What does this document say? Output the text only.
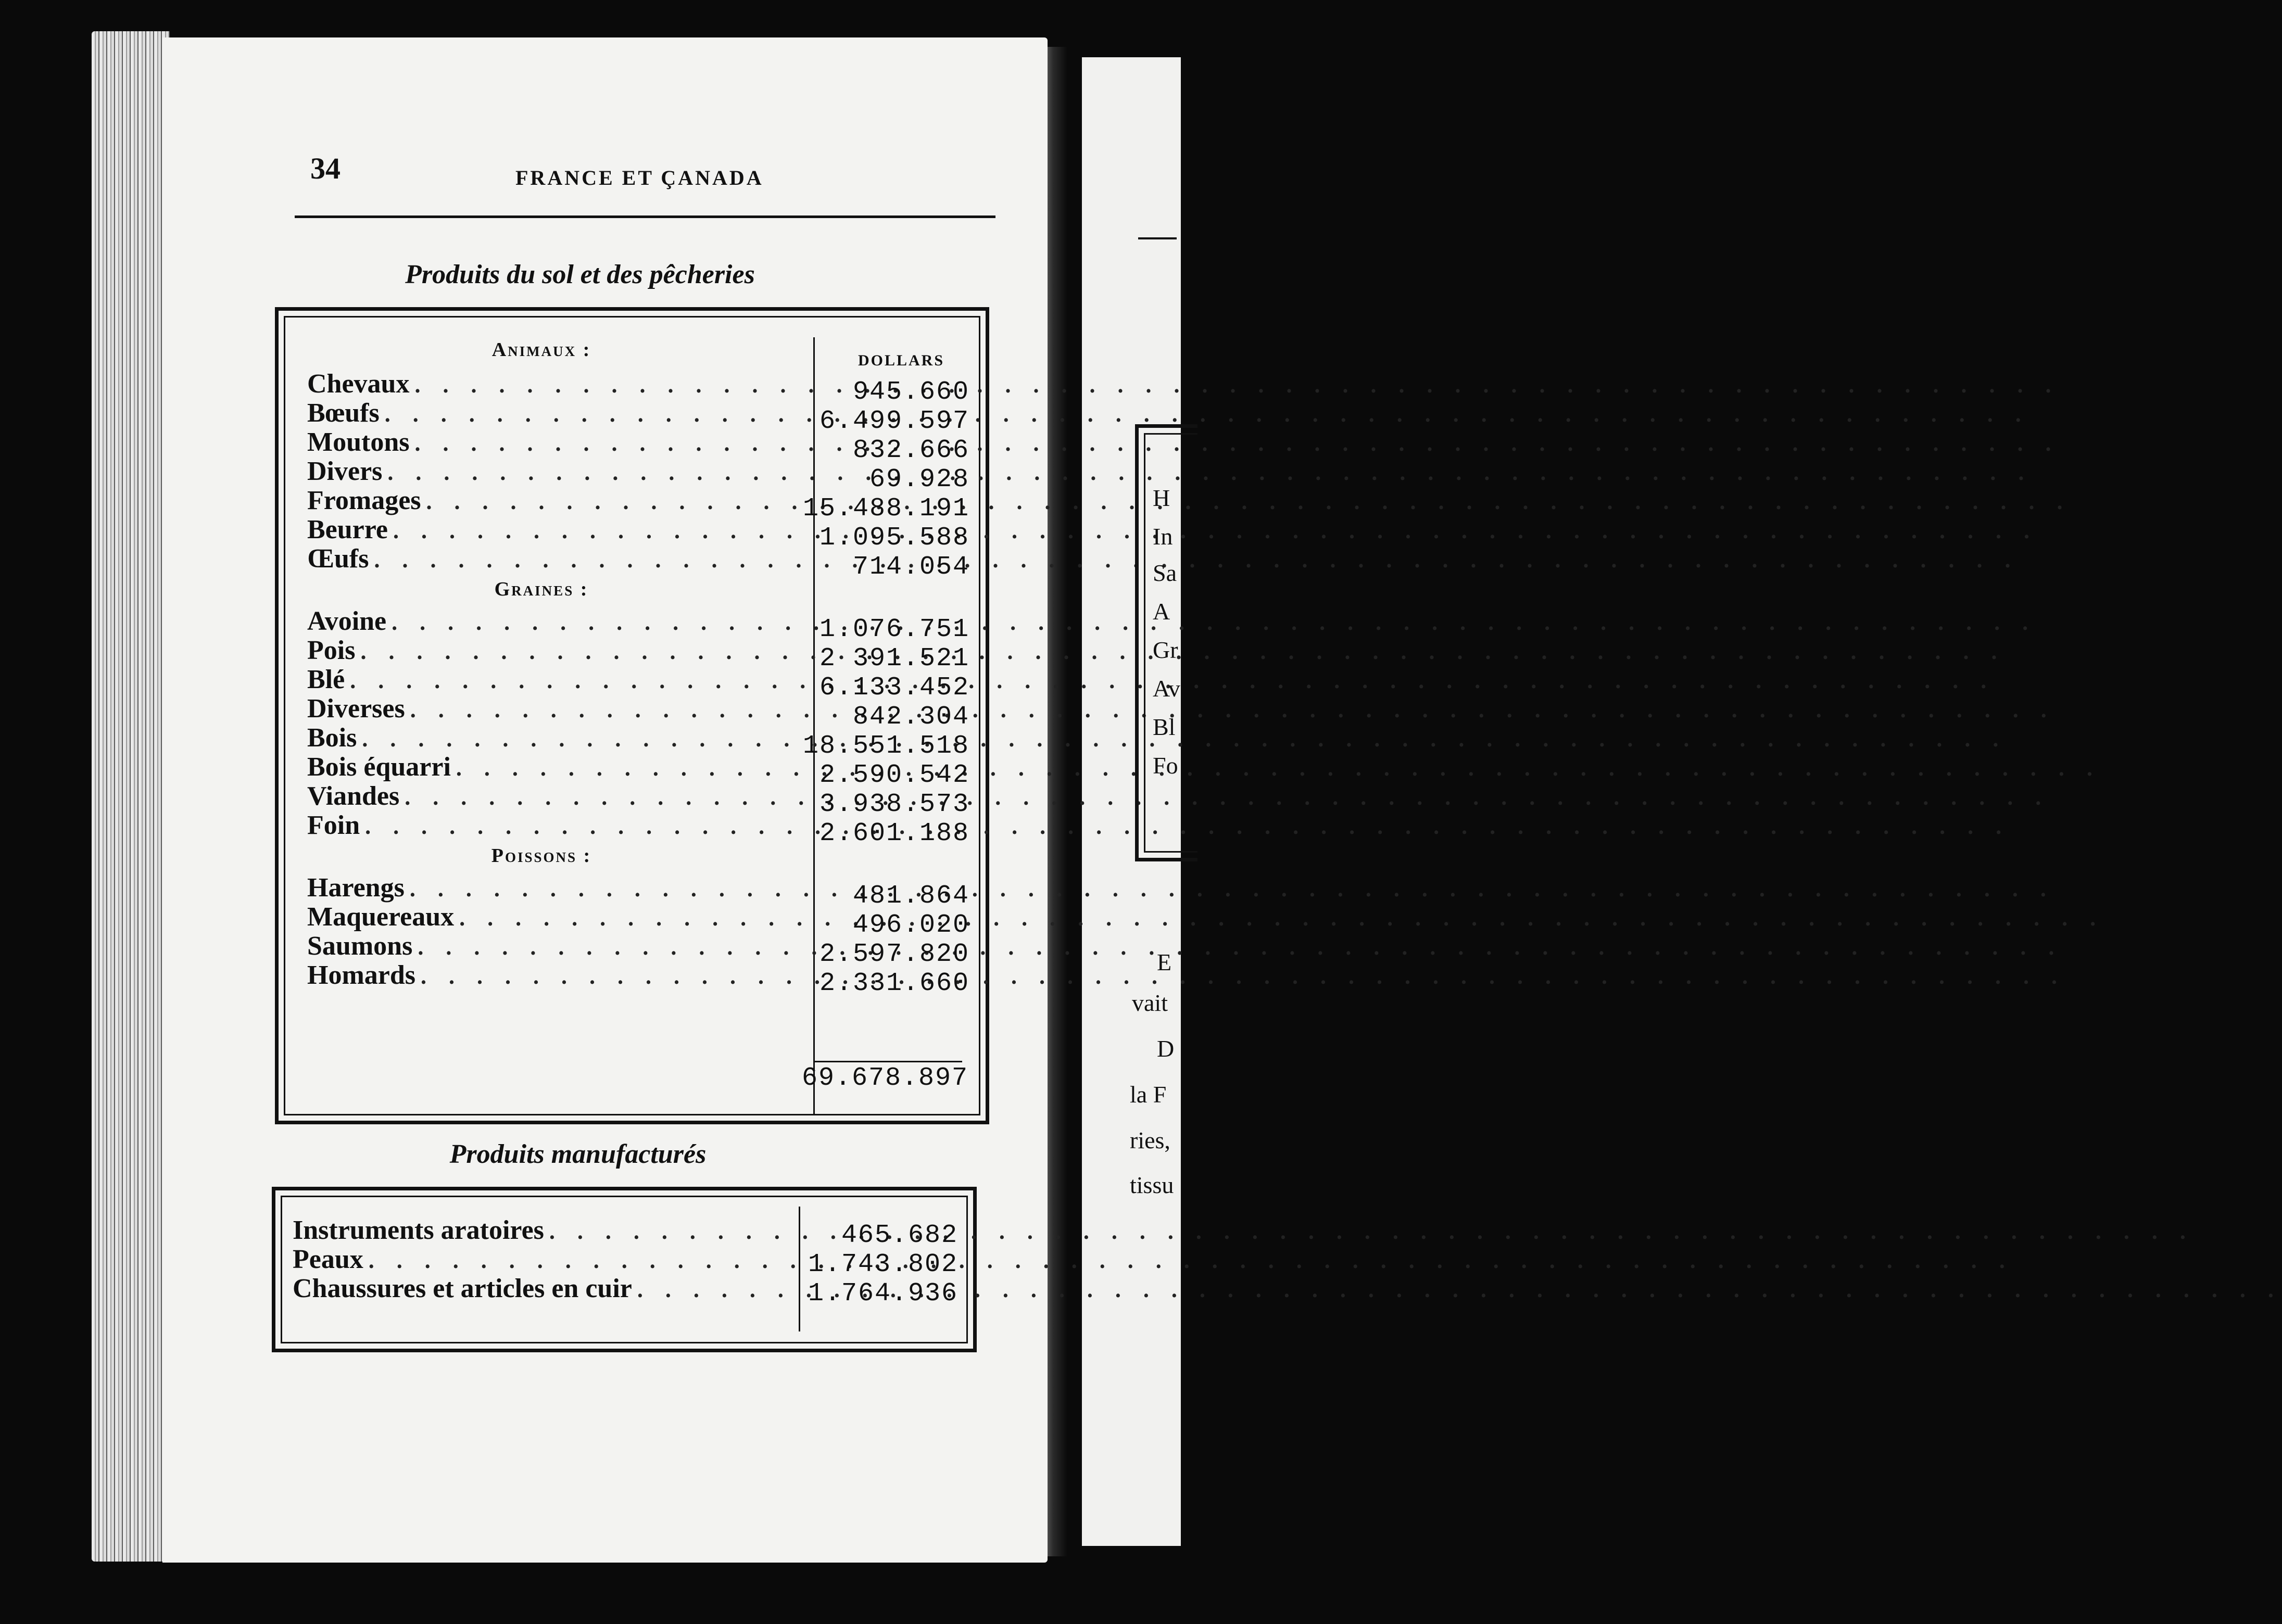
34	FRANCE ET ÇANADA
Produits du sol et des pêcheries
DOLLARS
Animaux :
Chevaux . . .	945.660
Bœufs . . .	6.499.597
Moutons . . .	832.666
Divers . . .	69.928
Fromages . . .	15.488.191
Beurre . . .	1.095.588
Œufs . . .	714.054
Graines :
Avoine . . .	1.076.751
Pois . . .	2 391.521
Blé . . .	6.133.452
Diverses . . .	842.304
Bois . . .	18.551.518
Bois équarri . . .	2.590.542
Viandes . . .	3.938.573
Foin . . .	2.601.188
Poissons :
Harengs . . .	481.864
Maquereaux . . .	496.020
Saumons . . .	2.597.820
Homards . . .	2.331.660
69.678.897
Produits manufacturés
Instruments aratoires . . .	465.682
Peaux . . .	1.743.802
Chaussures et articles en cuir . . .	1.764.936
H
In
Sa
A
Gr
Av
Bl
Fo
E
vait
D
la F
ries,
tissu
